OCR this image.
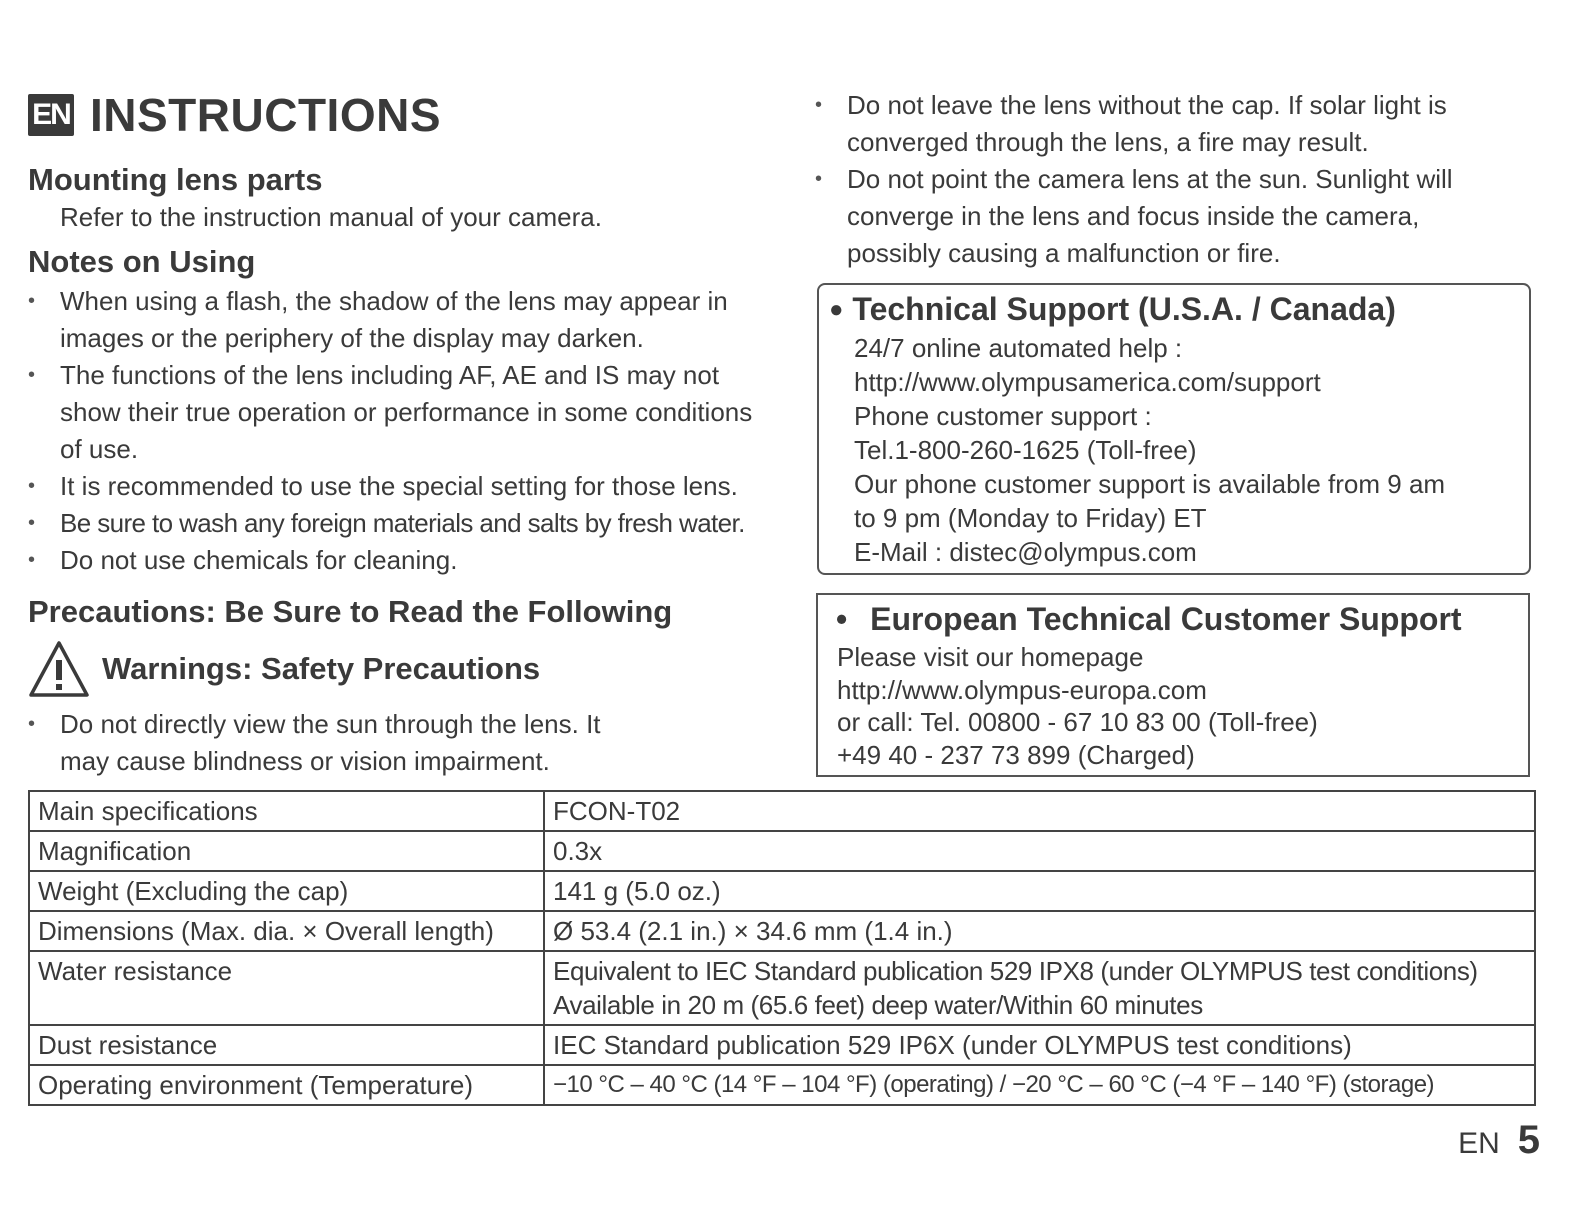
EN INSTRUCTIONS
Mounting lens parts
Refer to the instruction manual of your camera.
Notes on Using
• When using a flash, the shadow of the lens may appear in images or the periphery of the display may darken.
• The functions of the lens including AF, AE and IS may not show their true operation or performance in some conditions of use.
• It is recommended to use the special setting for those lens.
• Be sure to wash any foreign materials and salts by fresh water.
• Do not use chemicals for cleaning.
Precautions: Be Sure to Read the Following
Warnings: Safety Precautions
• Do not directly view the sun through the lens. It may cause blindness or vision impairment.
• Do not leave the lens without the cap. If solar light is converged through the lens, a fire may result.
• Do not point the camera lens at the sun. Sunlight will converge in the lens and focus inside the camera, possibly causing a malfunction or fire.
● Technical Support (U.S.A. / Canada)
24/7 online automated help :
http://www.olympusamerica.com/support
Phone customer support :
Tel.1-800-260-1625 (Toll-free)
Our phone customer support is available from 9 am
to 9 pm (Monday to Friday) ET
E-Mail : distec@olympus.com
• European Technical Customer Support
Please visit our homepage
http://www.olympus-europa.com
or call: Tel. 00800 - 67 10 83 00 (Toll-free)
+49 40 - 237 73 899 (Charged)
Main specifications	FCON-T02
Magnification	0.3x
Weight (Excluding the cap)	141 g (5.0 oz.)
Dimensions (Max. dia. × Overall length)	Ø 53.4 (2.1 in.) × 34.6 mm (1.4 in.)
Water resistance	Equivalent to IEC Standard publication 529 IPX8 (under OLYMPUS test conditions)
Available in 20 m (65.6 feet) deep water/Within 60 minutes

Dust resistance	IEC Standard publication 529 IP6X (under OLYMPUS test conditions)
Operating environment (Temperature)	−10 °C – 40 °C (14 °F – 104 °F) (operating) / −20 °C – 60 °C (−4 °F – 140 °F) (storage)
EN 5
